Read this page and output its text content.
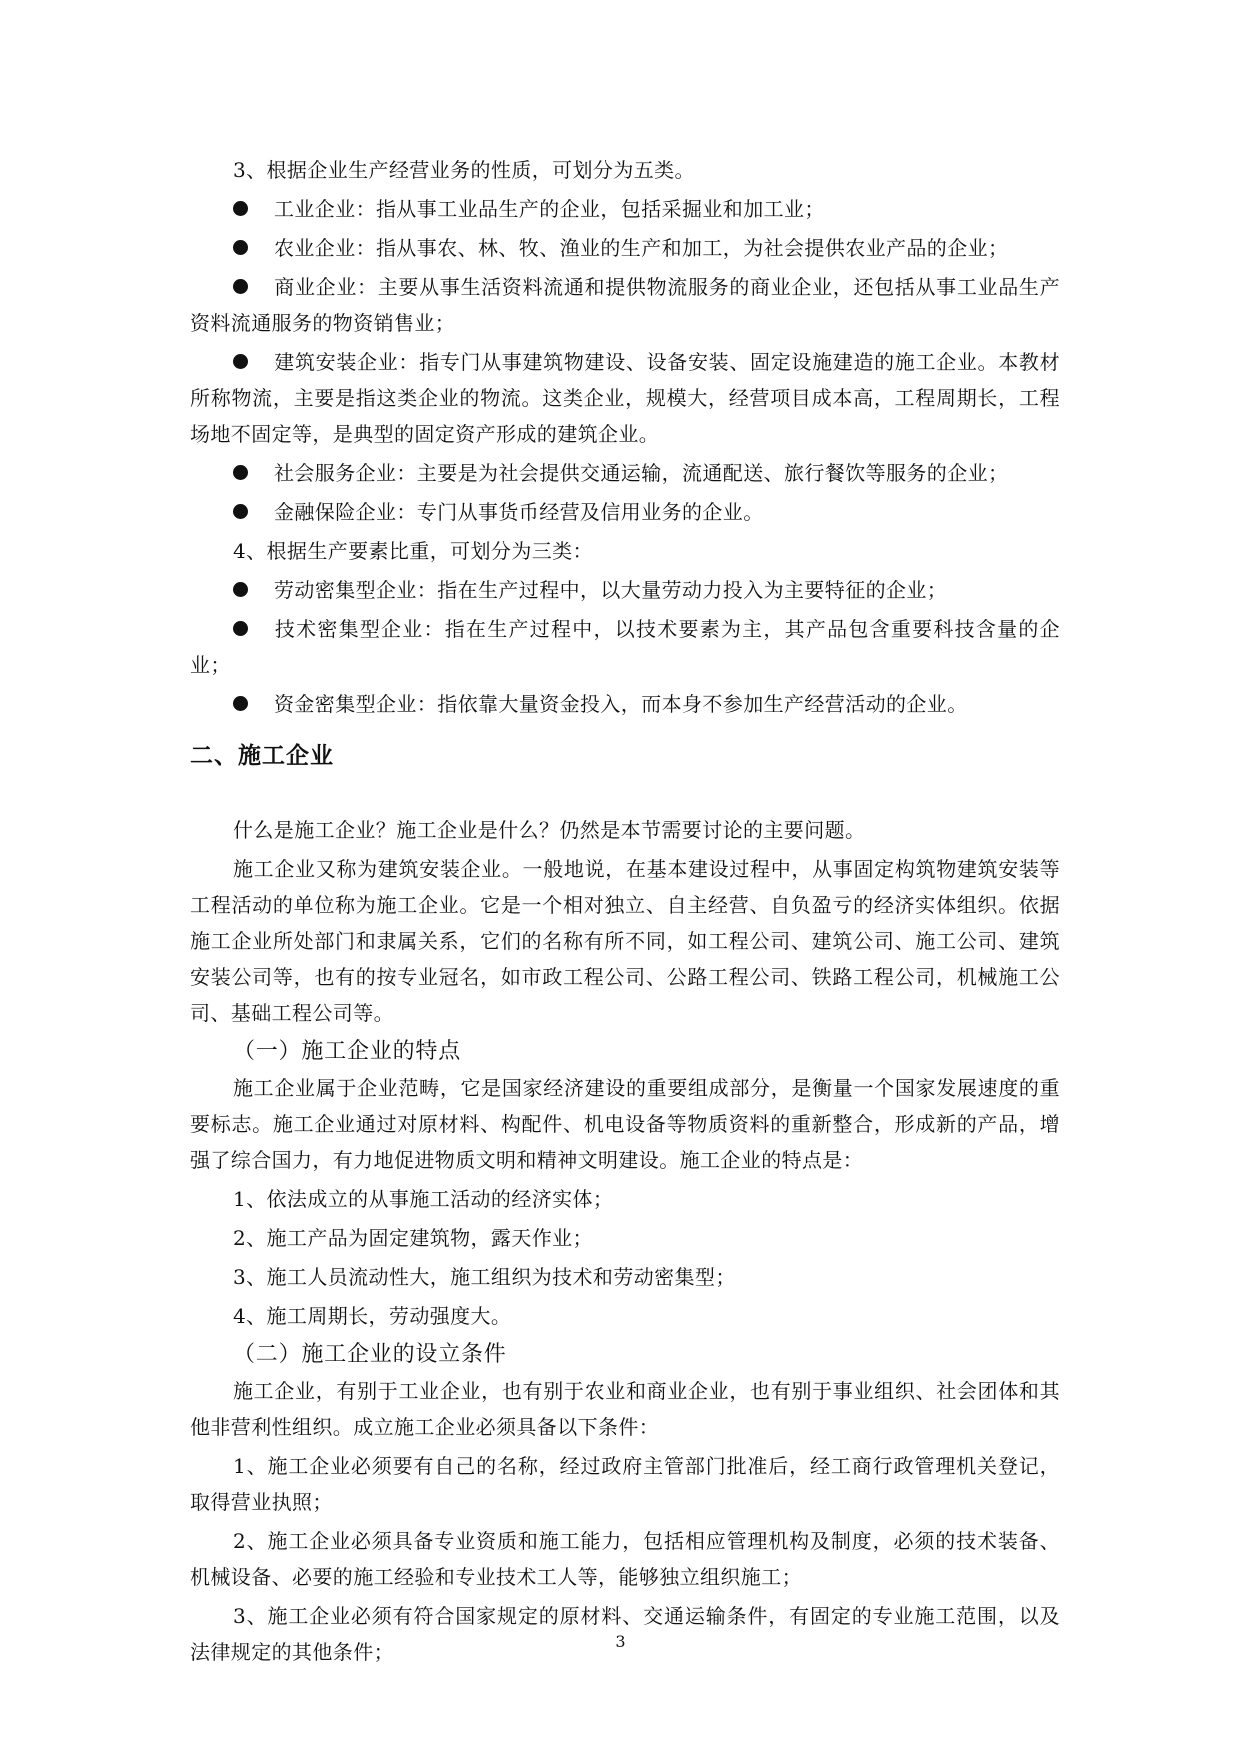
3、根据企业生产经营业务的性质，可划分为五类。

工业企业：指从事工业品生产的企业，包括采掘业和加工业；

农业企业：指从事农、林、牧、渔业的生产和加工，为社会提供农业产品的企业；

商业企业：主要从事生活资料流通和提供物流服务的商业企业，还包括从事工业品生产资料流通服务的物资销售业；

建筑安装企业：指专门从事建筑物建设、设备安装、固定设施建造的施工企业。本教材所称物流，主要是指这类企业的物流。这类企业，规模大，经营项目成本高，工程周期长，工程场地不固定等，是典型的固定资产形成的建筑企业。

社会服务企业：主要是为社会提供交通运输，流通配送、旅行餐饮等服务的企业；

金融保险企业：专门从事货币经营及信用业务的企业。

4、根据生产要素比重，可划分为三类：

劳动密集型企业：指在生产过程中，以大量劳动力投入为主要特征的企业；

技术密集型企业：指在生产过程中，以技术要素为主，其产品包含重要科技含量的企业；

资金密集型企业：指依靠大量资金投入，而本身不参加生产经营活动的企业。

二、施工企业

什么是施工企业？施工企业是什么？仍然是本节需要讨论的主要问题。

施工企业又称为建筑安装企业。一般地说，在基本建设过程中，从事固定构筑物建筑安装等工程活动的单位称为施工企业。它是一个相对独立、自主经营、自负盈亏的经济实体组织。依据施工企业所处部门和隶属关系，它们的名称有所不同，如工程公司、建筑公司、施工公司、建筑安装公司等，也有的按专业冠名，如市政工程公司、公路工程公司、铁路工程公司，机械施工公司、基础工程公司等。

（一）施工企业的特点

施工企业属于企业范畴，它是国家经济建设的重要组成部分，是衡量一个国家发展速度的重要标志。施工企业通过对原材料、构配件、机电设备等物质资料的重新整合，形成新的产品，增强了综合国力，有力地促进物质文明和精神文明建设。施工企业的特点是：

1、依法成立的从事施工活动的经济实体；

2、施工产品为固定建筑物，露天作业；

3、施工人员流动性大，施工组织为技术和劳动密集型；

4、施工周期长，劳动强度大。

（二）施工企业的设立条件

施工企业，有别于工业企业，也有别于农业和商业企业，也有别于事业组织、社会团体和其他非营利性组织。成立施工企业必须具备以下条件：

1、施工企业必须要有自己的名称，经过政府主管部门批准后，经工商行政管理机关登记，取得营业执照；

2、施工企业必须具备专业资质和施工能力，包括相应管理机构及制度，必须的技术装备、机械设备、必要的施工经验和专业技术工人等，能够独立组织施工；

3、施工企业必须有符合国家规定的原材料、交通运输条件，有固定的专业施工范围，以及法律规定的其他条件；	3
